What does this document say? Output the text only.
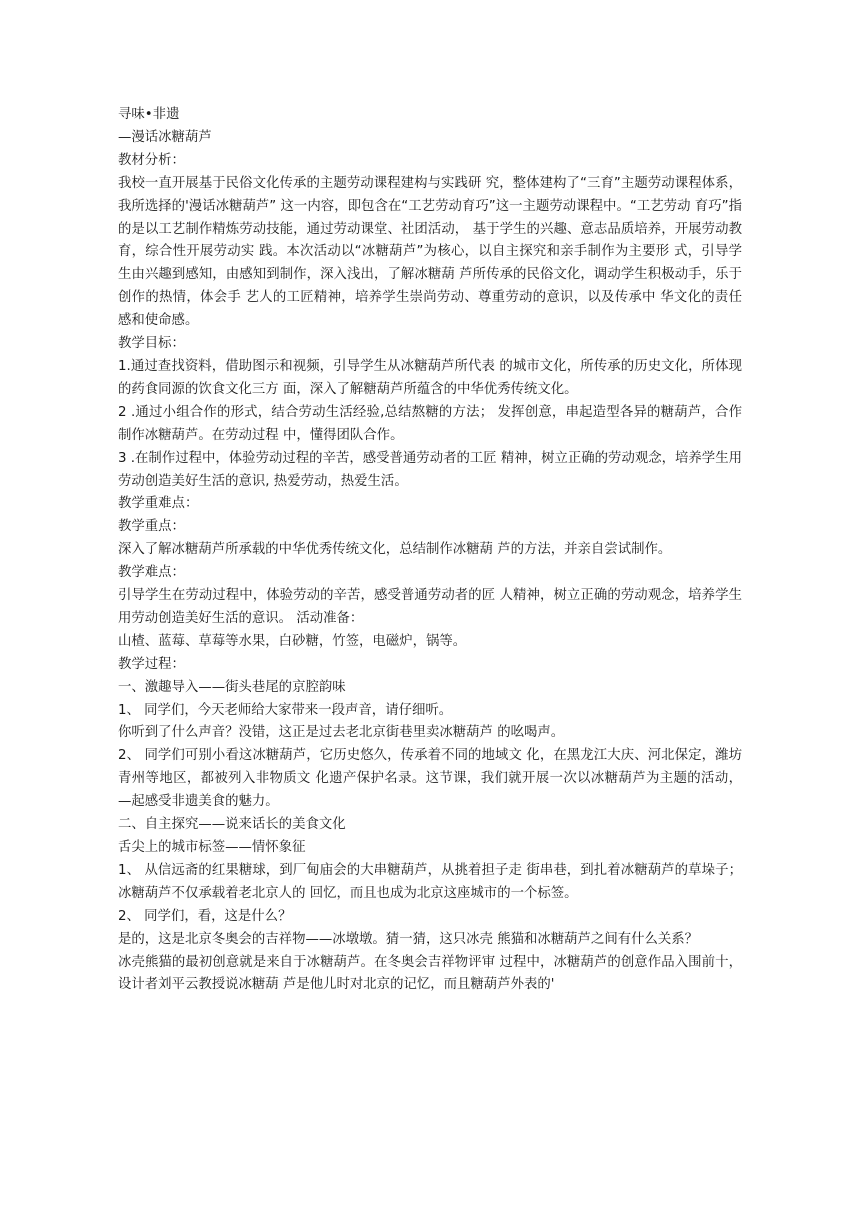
寻味•非遗

—漫话冰糖葫芦

教材分析：

我校一直开展基于民俗文化传承的主题劳动课程建构与实践研 究，整体建构了“三育”主题劳动课程体系，我所选择的'漫话冰糖葫芦” 这一内容，即包含在“工艺劳动育巧”这一主题劳动课程中。“工艺劳动 育巧”指的是以工艺制作精炼劳动技能，通过劳动课堂、社团活动， 基于学生的兴趣、意志品质培养，开展劳动教育，综合性开展劳动实 践。本次活动以“冰糖葫芦”为核心，以自主探究和亲手制作为主要形 式，引导学生由兴趣到感知，由感知到制作，深入浅出，了解冰糖葫 芦所传承的民俗文化，调动学生积极动手，乐于创作的热情，体会手 艺人的工匠精神，培养学生崇尚劳动、尊重劳动的意识，以及传承中 华文化的责任感和使命感。

教学目标：

1.通过查找资料，借助图示和视频，引导学生从冰糖葫芦所代表 的城市文化，所传承的历史文化，所体现的药食同源的饮食文化三方 面，深入了解糖葫芦所蕴含的中华优秀传统文化。

2 .通过小组合作的形式，结合劳动生活经验,总结熬糖的方法； 发挥创意，串起造型各异的糖葫芦，合作制作冰糖葫芦。在劳动过程 中，懂得团队合作。

3 .在制作过程中，体验劳动过程的辛苦，感受普通劳动者的工匠 精神，树立正确的劳动观念，培养学生用劳动创造美好生活的意识, 热爱劳动，热爱生活。

教学重难点：

教学重点：

深入了解冰糖葫芦所承载的中华优秀传统文化，总结制作冰糖葫 芦的方法，并亲自尝试制作。

教学难点：

引导学生在劳动过程中，体验劳动的辛苦，感受普通劳动者的匠 人精神，树立正确的劳动观念，培养学生用劳动创造美好生活的意识。 活动准备：

山楂、蓝莓、草莓等水果，白砂糖，竹签，电磁炉，锅等。

教学过程：

一、激趣导入——街头巷尾的京腔韵味

1、 同学们，今天老师给大家带来一段声音，请仔细听。

你听到了什么声音？没错，这正是过去老北京街巷里卖冰糖葫芦 的吆喝声。

2、 同学们可别小看这冰糖葫芦，它历史悠久，传承着不同的地域文 化，在黑龙江大庆、河北保定，潍坊青州等地区，都被列入非物质文 化遗产保护名录。这节课，我们就开展一次以冰糖葫芦为主题的活动， —起感受非遗美食的魅力。

二、自主探究——说来话长的美食文化

舌尖上的城市标签——情怀象征

1、 从信远斋的红果糖球，到厂甸庙会的大串糖葫芦，从挑着担子走 街串巷，到扎着冰糖葫芦的草垛子；冰糖葫芦不仅承载着老北京人的 回忆，而且也成为北京这座城市的一个标签。

2、 同学们，看，这是什么？

是的，这是北京冬奥会的吉祥物——冰墩墩。猜一猜，这只冰壳 熊猫和冰糖葫芦之间有什么关系？

冰壳熊猫的最初创意就是来自于冰糖葫芦。在冬奥会吉祥物评审 过程中，冰糖葫芦的创意作品入围前十，设计者刘平云教授说冰糖葫 芦是他儿时对北京的记忆，而且糖葫芦外表的'
